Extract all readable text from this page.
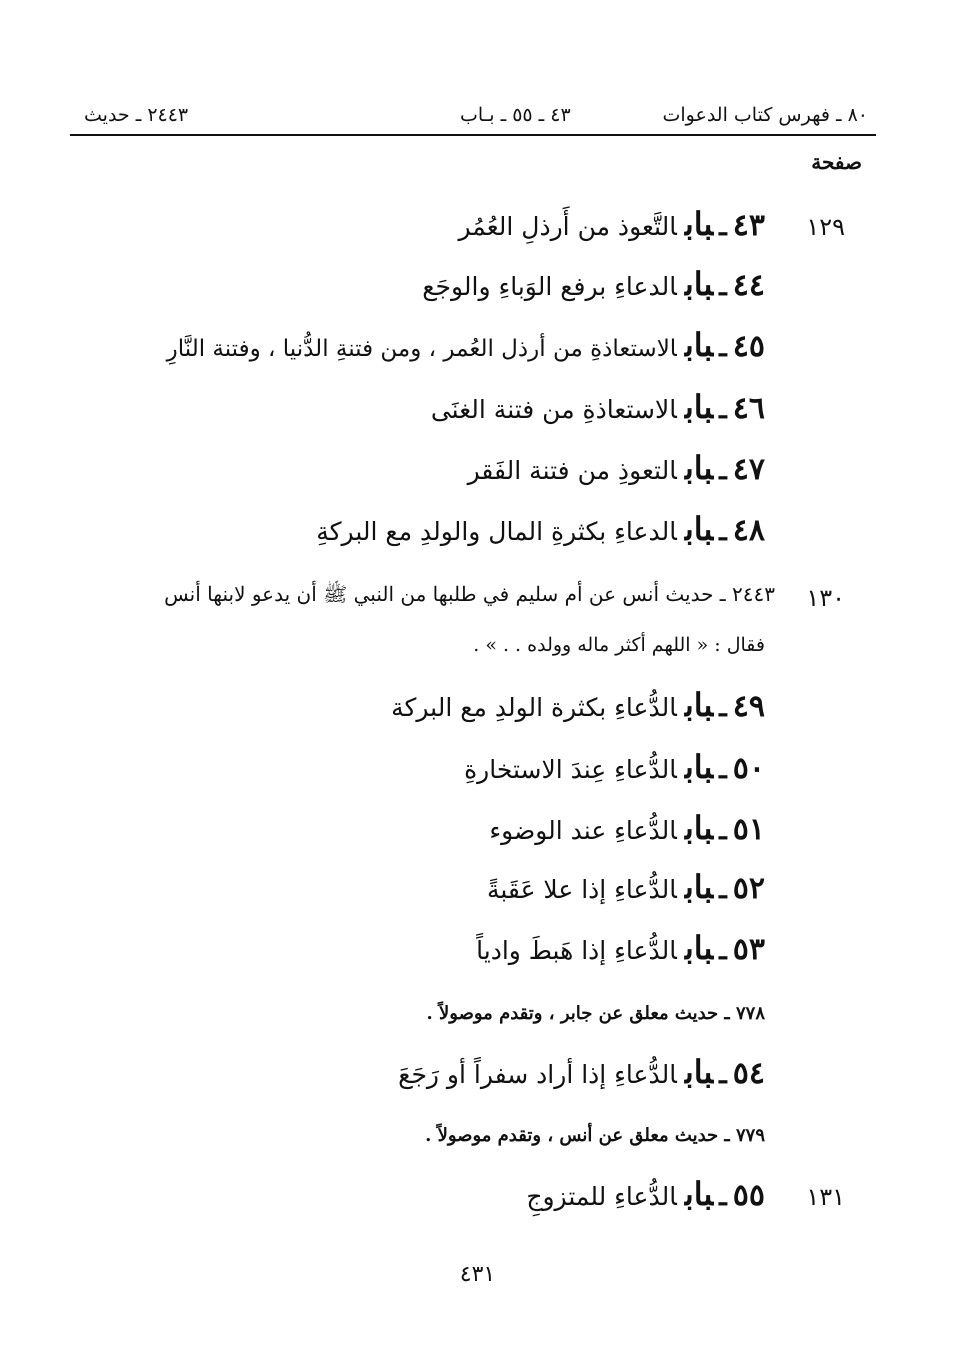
٨٠ ـ فهرس كتاب الدعوات
٤٣ ـ ٥٥ ـ بـاب
٢٤٤٣ ـ حديث
صفحة
١٢٩
٤٣ـبابالتَّعوذ من أَرذلِ العُمُر
٤٤ـبابالدعاءِ برفع الوَباءِ والوجَع
٤٥ـبابالاستعاذةِ من أرذل العُمر ، ومن فتنةِ الدُّنيا ، وفتنة النَّارِ
٤٦ـبابالاستعاذةِ من فتنة الغنَى
٤٧ـبابالتعوذِ من فتنة الفَقر
٤٨ـبابالدعاءِ بكثرةِ المال والولدِ مع البركةِ
١٣٠
٢٤٤٣ ـ حديث أنس عن أم سليم في طلبها من النبي ﷺ أن يدعو لابنها أنس
فقال : « اللهم أكثر ماله وولده . . » .
٤٩ـبابالدُّعاءِ بكثرة الولدِ مع البركة
٥٠ـبابالدُّعاءِ عِندَ الاستخارةِ
٥١ـبابالدُّعاءِ عند الوضوء
٥٢ـبابالدُّعاءِ إذا علا عَقَبةً
٥٣ـبابالدُّعاءِ إذا هَبطَ وادياً
٧٧٨ ـ حديث معلق عن جابر ، وتقدم موصولاً .
٥٤ـبابالدُّعاءِ إذا أراد سفراً أو رَجَعَ
٧٧٩ ـ حديث معلق عن أنس ، وتقدم موصولاً .
١٣١
٥٥ـبابالدُّعاءِ للمتزوجِ
٤٣١
